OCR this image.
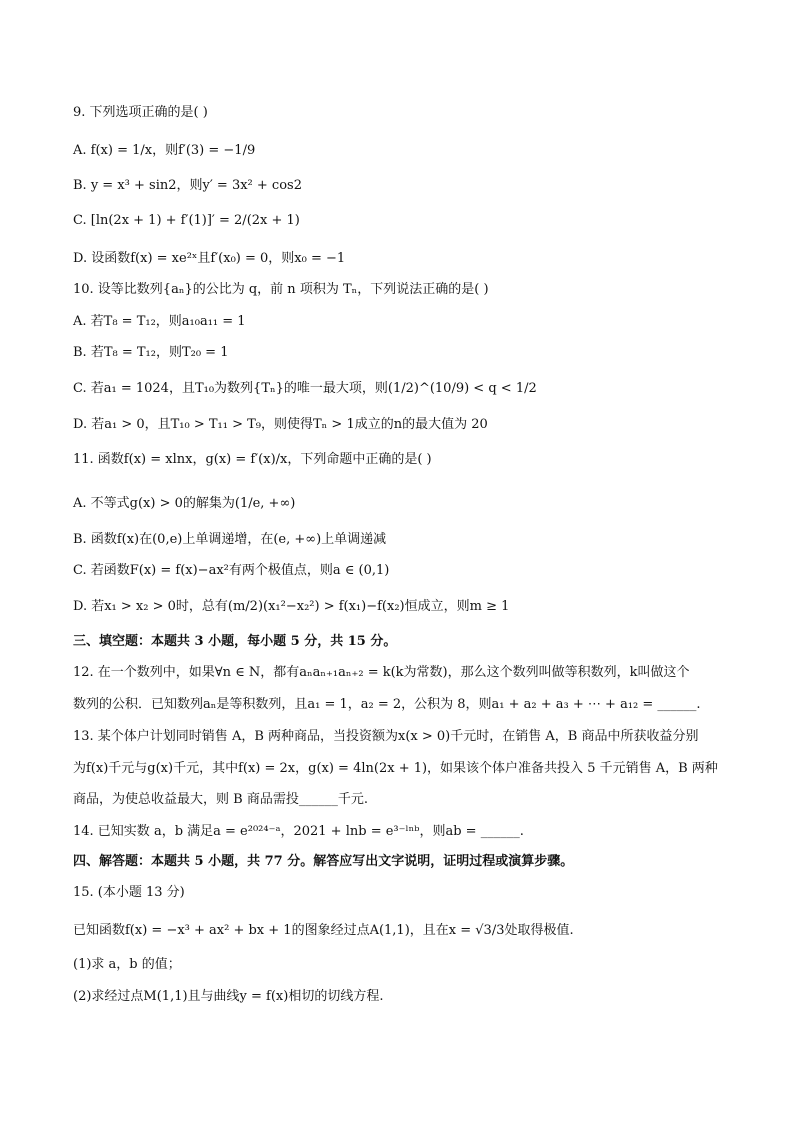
9. 下列选项正确的是( )
A. f(x) = 1/x，则f′(3) = −1/9
B. y = x³ + sin2，则y′ = 3x² + cos2
C. [ln(2x + 1) + f′(1)]′ = 2/(2x + 1)
D. 设函数f(x) = xe²ˣ且f′(x₀) = 0，则x₀ = −1
10. 设等比数列{aₙ}的公比为 q，前 n 项积为 Tₙ，下列说法正确的是( )
A. 若T₈ = T₁₂，则a₁₀a₁₁ = 1
B. 若T₈ = T₁₂，则T₂₀ = 1
C. 若a₁ = 1024，且T₁₀为数列{Tₙ}的唯一最大项，则(1/2)^(10/9) < q < 1/2
D. 若a₁ > 0，且T₁₀ > T₁₁ > T₉，则使得Tₙ > 1成立的n的最大值为 20
11. 函数f(x) = xlnx，g(x) = f′(x)/x，下列命题中正确的是( )
A. 不等式g(x) > 0的解集为(1/e, +∞)
B. 函数f(x)在(0,e)上单调递增，在(e, +∞)上单调递减
C. 若函数F(x) = f(x)−ax²有两个极值点，则a ∈ (0,1)
D. 若x₁ > x₂ > 0时，总有(m/2)(x₁²−x₂²) > f(x₁)−f(x₂)恒成立，则m ≥ 1
三、填空题：本题共 3 小题，每小题 5 分，共 15 分。
12. 在一个数列中，如果∀n ∈ N，都有aₙaₙ₊₁aₙ₊₂ = k(k为常数)，那么这个数列叫做等积数列，k叫做这个
数列的公积．已知数列aₙ是等积数列，且a₁ = 1，a₂ = 2，公积为 8，则a₁ + a₂ + a₃ + ⋯ + a₁₂ = ______.
13. 某个体户计划同时销售 A，B 两种商品，当投资额为x(x > 0)千元时，在销售 A，B 商品中所获收益分别
为f(x)千元与g(x)千元，其中f(x) = 2x，g(x) = 4ln(2x + 1)，如果该个体户准备共投入 5 千元销售 A，B 两种
商品，为使总收益最大，则 B 商品需投______千元.
14. 已知实数 a，b 满足a = e²⁰²⁴⁻ᵃ，2021 + lnb = e³⁻ˡⁿᵇ，则ab = ______.
四、解答题：本题共 5 小题，共 77 分。解答应写出文字说明，证明过程或演算步骤。
15. (本小题 13 分)
已知函数f(x) = −x³ + ax² + bx + 1的图象经过点A(1,1)，且在x = √3/3处取得极值.
(1)求 a，b 的值；
(2)求经过点M(1,1)且与曲线y = f(x)相切的切线方程.
